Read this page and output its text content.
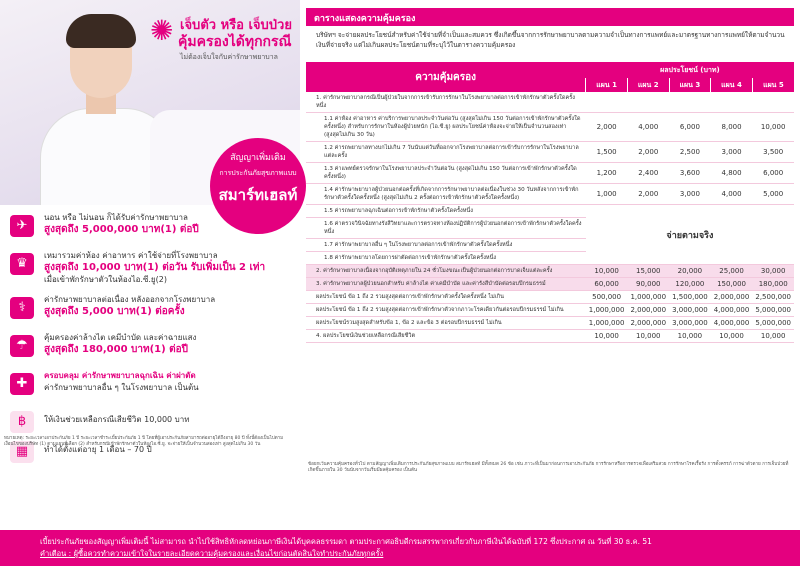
✺ เจ็บตัว หรือ เจ็บป่วย
คุ้มครองได้ทุกกรณี
ไม่ต้องเจ็บใจกับค่ารักษาพยาบาล
สัญญาเพิ่มเติม
การประกันภัยสุขภาพแบบ
สมาร์ทเฮลท์
✈
นอน หรือ ไม่นอน ก็ได้รับค่ารักษาพยาบาล
สูงสุดถึง 5,000,000 บาท(1) ต่อปี
♛
เหมารวมค่าห้อง ค่าอาหาร ค่าใช้จ่ายที่โรงพยาบาล
สูงสุดถึง 10,000 บาท(1) ต่อวัน รับเพิ่มเป็น 2 เท่า
เมื่อเข้าพักรักษาตัวในห้องไอ.ซี.ยู(2)
⚕
ค่ารักษาพยาบาลต่อเนื่อง หลังออกจากโรงพยาบาล
สูงสุดถึง 5,000 บาท(1) ต่อครั้ง
☂
คุ้มครองค่าล้างไต เคมีบำบัด และค่าฉายแสง
สูงสุดถึง 180,000 บาท(1) ต่อปี
✚
ครอบคลุม ค่ารักษาพยาบาลฉุกเฉิน ค่าผ่าตัด
ค่ารักษาพยาบาลอื่น ๆ ในโรงพยาบาล เป็นต้น
฿	ให้เงินช่วยเหลือกรณีเสียชีวิต 10,000 บาท
▦	ทำได้ตั้งแต่อายุ 1 เดือน – 70 ปี
หมายเหตุ: ระยะเวลาเอาประกันภัย 1 ปี ระยะเวลาชำระเบี้ยประกันภัย 1 ปี โดยที่ผู้เอาประกันภัยสามารถต่ออายุได้ถึงอายุ 80 ปี ทั้งนี้ต้องเป็นไปตามเงื่อนไขของบริษัท (1) ตามแผนที่เลือก (2) สำหรับกรณีเข้าพักรักษาตัวในห้องไอ.ซี.ยู. จะจ่ายให้เป็นจำนวนสองเท่า สูงสุดไม่เกิน 30 วัน
ตารางแสดงความคุ้มครอง
บริษัทฯ จะจ่ายผลประโยชน์สำหรับค่าใช้จ่ายที่จำเป็นและสมควร ซึ่งเกิดขึ้นจากการรักษาพยาบาลตามความจำเป็นทางการแพทย์และมาตรฐานทางการแพทย์ให้ตามจำนวนเงินที่จ่ายจริง แต่ไม่เกินผลประโยชน์ตามที่ระบุไว้ในตารางความคุ้มครอง
ความคุ้มครอง	ผลประโยชน์ (บาท)				
	แผน 1	แผน 2	แผน 3	แผน 4	แผน 5
1. ค่ารักษาพยาบาลกรณีเป็นผู้ป่วยในจากการเข้ารับการรักษาในโรงพยาบาลต่อการเข้าพักรักษาตัวครั้งใดครั้งหนึ่ง					
1.1 ค่าห้อง ค่าอาหาร ค่าบริการพยาบาลประจำวันต่อวัน (สูงสุดไม่เกิน 150 วันต่อการเข้าพักรักษาตัวครั้งใดครั้งหนึ่ง) สำหรับการรักษาในห้องผู้ป่วยหนัก (ไอ.ซี.ยู) ผลประโยชน์ค่าห้องจะจ่ายให้เป็นจำนวนสองเท่า (สูงสุดไม่เกิน 30 วัน)	2,000	4,000	6,000	8,000	10,000
1.2 ค่ารถพยาบาลทางบกไม่เกิน 7 วันนับแต่วันที่ออกจากโรงพยาบาลต่อการเข้ารับการรักษาในโรงพยาบาลแต่ละครั้ง	1,500	2,000	2,500	3,000	3,500
1.3 ค่าแพทย์ตรวจรักษาในโรงพยาบาลประจำวันต่อวัน (สูงสุดไม่เกิน 150 วันต่อการเข้าพักรักษาตัวครั้งใดครั้งหนึ่ง)	1,200	2,400	3,600	4,800	6,000
1.4 ค่ารักษาพยาบาลผู้ป่วยนอกต่อครั้งที่เกิดจากการรักษาพยาบาลต่อเนื่องในช่วง 30 วันหลังจากการเข้าพักรักษาตัวครั้งใดครั้งหนึ่ง (สูงสุดไม่เกิน 2 ครั้งต่อการเข้าพักรักษาตัวครั้งใดครั้งหนึ่ง)	1,000	2,000	3,000	4,000	5,000
1.5 ค่ารถพยาบาลฉุกเฉินต่อการเข้าพักรักษาตัวครั้งใดครั้งหนึ่ง	จ่ายตามจริง				
1.6 ค่าตรวจวินิจฉัยทางรังสีวิทยาและการตรวจทางห้องปฏิบัติการผู้ป่วยนอกต่อการเข้าพักรักษาตัวครั้งใดครั้งหนึ่ง					
1.7 ค่ารักษาพยาบาลอื่น ๆ ในโรงพยาบาลต่อการเข้าพักรักษาตัวครั้งใดครั้งหนึ่ง					
1.8 ค่ารักษาพยาบาลโดยการผ่าตัดต่อการเข้าพักรักษาตัวครั้งใดครั้งหนึ่ง					
2. ค่ารักษาพยาบาลเนื่องจากอุบัติเหตุภายใน 24 ชั่วโมงขณะเป็นผู้ป่วยนอกต่อการบาดเจ็บแต่ละครั้ง	10,000	15,000	20,000	25,000	30,000
3. ค่ารักษาพยาบาลผู้ป่วยนอกสำหรับ ค่าล้างไต ค่าเคมีบำบัด และค่ารังสีบำบัดต่อรอบปีกรมธรรม์	60,000	90,000	120,000	150,000	180,000
ผลประโยชน์ ข้อ 1 ถึง 2 รวมสูงสุดต่อการเข้าพักรักษาตัวครั้งใดครั้งหนึ่ง ไม่เกิน	500,000	1,000,000	1,500,000	2,000,000	2,500,000
ผลประโยชน์ ข้อ 1 ถึง 2 รวมสูงสุดต่อการเข้าพักรักษาตัวจากภาวะโรคเดียวกันต่อรอบปีกรมธรรม์ ไม่เกิน	1,000,000	2,000,000	3,000,000	4,000,000	5,000,000
ผลประโยชน์รวมสูงสุดสำหรับข้อ 1, ข้อ 2 และข้อ 3 ต่อรอบปีกรมธรรม์ ไม่เกิน	1,000,000	2,000,000	3,000,000	4,000,000	5,000,000
4. ผลประโยชน์เงินช่วยเหลือกรณีเสียชีวิต	10,000	10,000	10,000	10,000	10,000
ข้อยกเว้นความคุ้มครองทั่วไป ตามสัญญาเพิ่มเติมการประกันภัยสุขภาพแบบ สมาร์ทเฮลท์ มีทั้งหมด 26 ข้อ เช่น ภาวะที่เป็นมาก่อนการเอาประกันภัย การรักษาหรือการตรวจเพื่อเสริมสวย การรักษาโรคเรื้อรัง การตั้งครรภ์ การฆ่าตัวตาย การเจ็บป่วยที่เกิดขึ้นภายใน 30 วันนับจากวันเริ่มมีผลคุ้มครอง เป็นต้น
เบี้ยประกันภัยของสัญญาเพิ่มเติมนี้ ไม่สามารถ นำไปใช้สิทธิหักลดหย่อนภาษีเงินได้บุคคลธรรมดา ตามประกาศอธิบดีกรมสรรพากรเกี่ยวกับภาษีเงินได้ฉบับที่ 172 ซึ่งประกาศ ณ วันที่ 30 ธ.ค. 51
คำเตือน : ผู้ซื้อควรทำความเข้าใจในรายละเอียดความคุ้มครองและเงื่อนไขก่อนตัดสินใจทำประกันภัยทุกครั้ง
